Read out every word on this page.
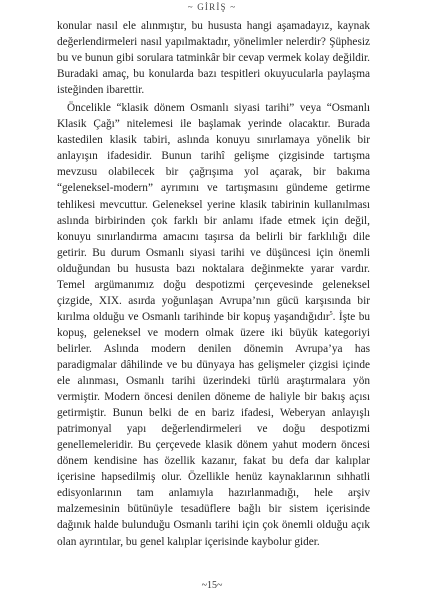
~ GİRİŞ ~

konular nasıl ele alınmıştır, bu hususta hangi aşamadayız, kaynak değerlendirmeleri nasıl yapılmaktadır, yönelimler nelerdir? Şüphesiz bu ve bunun gibi sorulara tatminkâr bir cevap vermek kolay değildir. Buradaki amaç, bu konularda bazı tespitleri okuyucularla paylaşma isteğinden ibarettir.

Öncelikle “klasik dönem Osmanlı siyasi tarihi” veya “Osmanlı Klasik Çağı” nitelemesi ile başlamak yerinde olacaktır. Burada kastedilen klasik tabiri, aslında konuyu sınırlamaya yönelik bir anlayışın ifadesidir. Bunun tarihî gelişme çizgisinde tartışma mevzusu olabilecek bir çağrışıma yol açarak, bir bakıma “geleneksel-modern” ayrımını ve tartışmasını gündeme getirme tehlikesi mevcuttur. Geleneksel yerine klasik tabirinin kullanılması aslında birbirinden çok farklı bir anlamı ifade etmek için değil, konuyu sınırlandırma amacını taşırsa da belirli bir farklılığı dile getirir. Bu durum Osmanlı siyasi tarihi ve düşüncesi için önemli olduğundan bu hususta bazı noktalara değinmekte yarar vardır. Temel argümanımız doğu despotizmi çerçevesinde geleneksel çizgide, XIX. asırda yoğunlaşan Avrupa’nın gücü karşısında bir kırılma olduğu ve Osmanlı tarihinde bir kopuş yaşandığıdır$^5$. İşte bu kopuş, geleneksel ve modern olmak üzere iki büyük kategoriyi belirler. Aslında modern denilen dönemin Avrupa’ya has paradigmalar dâhilinde ve bu dünyaya has gelişmeler çizgisi içinde ele alınması, Osmanlı tarihi üzerindeki türlü araştırmalara yön vermiştir. Modern öncesi denilen döneme de haliyle bir bakış açısı getirmiştir. Bunun belki de en bariz ifadesi, Weberyan anlayışlı patrimonyal yapı değerlendirmeleri ve doğu despotizmi genellemeleridir. Bu çerçevede klasik dönem yahut modern öncesi dönem kendisine has özellik kazanır, fakat bu defa dar kalıplar içerisine hapsedilmiş olur. Özellikle henüz kaynaklarının sıhhatli edisyonlarının tam anlamıyla hazırlanmadığı, hele arşiv malzemesinin bütünüyle tesadüflere bağlı bir sistem içerisinde dağınık halde bulunduğu Osmanlı tarihi için çok önemli olduğu açık olan ayrıntılar, bu genel kalıplar içerisinde kaybolur gider.

~15~
